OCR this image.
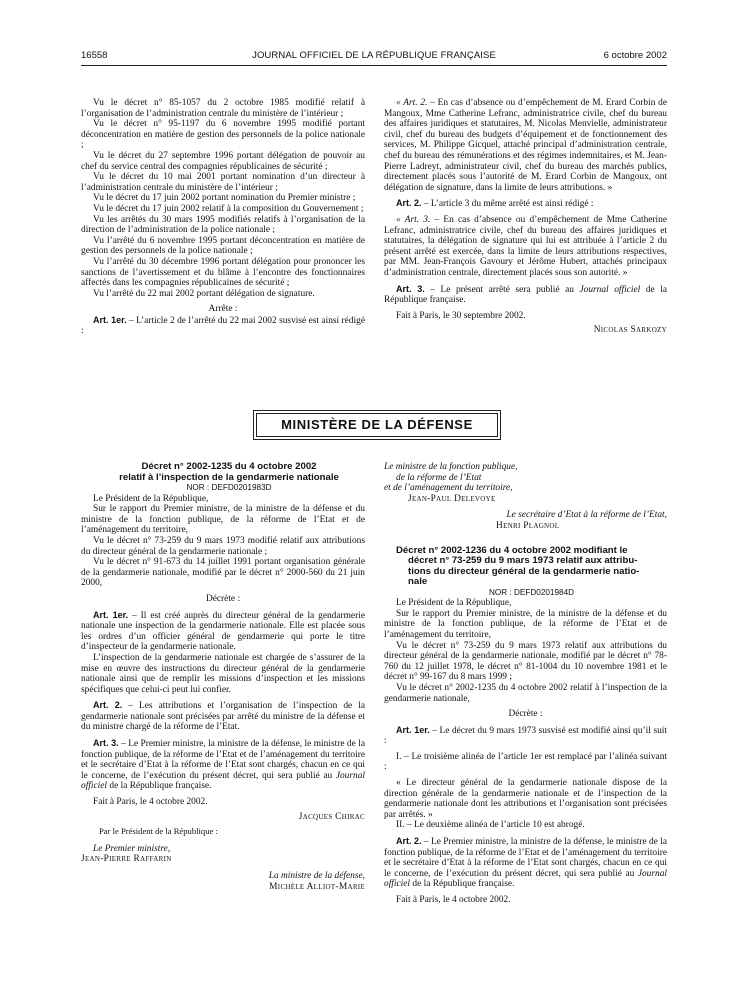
16558	JOURNAL OFFICIEL DE LA RÉPUBLIQUE FRANÇAISE	6 octobre 2002

Vu le décret n° 85-1057 du 2 octobre 1985 modifié relatif à l’organisation de l’administration centrale du ministère de l’intérieur ;

Vu le décret n° 95-1197 du 6 novembre 1995 modifié portant déconcentration en matière de gestion des personnels de la police nationale ;

Vu le décret du 27 septembre 1996 portant délégation de pouvoir au chef du service central des compagnies républicaines de sécurité ;

Vu le décret du 10 mai 2001 portant nomination d’un directeur à l’administration centrale du ministère de l’intérieur ;

Vu le décret du 17 juin 2002 portant nomination du Premier ministre ;

Vu le décret du 17 juin 2002 relatif à la composition du Gouvernement ;

Vu les arrêtés du 30 mars 1995 modifiés relatifs à l’organisation de la direction de l’administration de la police nationale ;

Vu l’arrêté du 6 novembre 1995 portant déconcentration en matière de gestion des personnels de la police nationale ;

Vu l’arrêté du 30 décembre 1996 portant délégation pour prononcer les sanctions de l’avertissement et du blâme à l’encontre des fonctionnaires affectés dans les compagnies républicaines de sécurité ;

Vu l’arrêté du 22 mai 2002 portant délégation de signature.

Arrête :

Art. 1er. – L’article 2 de l’arrêté du 22 mai 2002 susvisé est ainsi rédigé :

« Art. 2. – En cas d’absence ou d’empêchement de M. Erard Corbin de Mangoux, Mme Catherine Lefranc, administratrice civile, chef du bureau des affaires juridiques et statutaires, M. Nicolas Menvielle, administrateur civil, chef du bureau des budgets d’équipement et de fonctionnement des services, M. Philippe Gicquel, attaché principal d’administration centrale, chef du bureau des rémunérations et des régimes indemnitaires, et M. Jean-Pierre Ladreyt, administrateur civil, chef du bureau des marchés publics, directement placés sous l’autorité de M. Erard Corbin de Mangoux, ont délégation de signature, dans la limite de leurs attributions. »

Art. 2. – L’article 3 du même arrêté est ainsi rédigé :

« Art. 3. – En cas d’absence ou d’empêchement de Mme Catherine Lefranc, administratrice civile, chef du bureau des affaires juridiques et statutaires, la délégation de signature qui lui est attribuée à l’article 2 du présent arrêté est exercée, dans la limite de leurs attributions respectives, par MM. Jean-François Gavoury et Jérôme Hubert, attachés principaux d’administration centrale, directement placés sous son autorité. »

Art. 3. – Le présent arrêté sera publié au Journal officiel de la République française.

Fait à Paris, le 30 septembre 2002.

Nicolas Sarkozy

MINISTÈRE DE LA DÉFENSE

Décret n° 2002-1235 du 4 octobre 2002

relatif à l’inspection de la gendarmerie nationale

NOR : DEFD0201983D

Le Président de la République,

Sur le rapport du Premier ministre, de la ministre de la défense et du ministre de la fonction publique, de la réforme de l’Etat et de l’aménagement du territoire,

Vu le décret n° 73-259 du 9 mars 1973 modifié relatif aux attributions du directeur général de la gendarmerie nationale ;

Vu le décret n° 91-673 du 14 juillet 1991 portant organisation générale de la gendarmerie nationale, modifié par le décret n° 2000-560 du 21 juin 2000,

Décrète :

Art. 1er. – Il est créé auprès du directeur général de la gendarmerie nationale une inspection de la gendarmerie nationale. Elle est placée sous les ordres d’un officier général de gendarmerie qui porte le titre d’inspecteur de la gendarmerie nationale.

L’inspection de la gendarmerie nationale est chargée de s’assurer de la mise en œuvre des instructions du directeur général de la gendarmerie nationale ainsi que de remplir les missions d’inspection et les missions spécifiques que celui-ci peut lui confier.

Art. 2. – Les attributions et l’organisation de l’inspection de la gendarmerie nationale sont précisées par arrêté du ministre de la défense et du ministre chargé de la réforme de l’Etat.

Art. 3. – Le Premier ministre, la ministre de la défense, le ministre de la fonction publique, de la réforme de l’Etat et de l’aménagement du territoire et le secrétaire d’Etat à la réforme de l’Etat sont chargés, chacun en ce qui le concerne, de l’exécution du présent décret, qui sera publié au Journal officiel de la République française.

Fait à Paris, le 4 octobre 2002.

Jacques Chirac

Par le Président de la République :

Le Premier ministre,

Jean-Pierre Raffarin

La ministre de la défense,

Michèle Alliot-Marie

Le ministre de la fonction publique,

de la réforme de l’Etat

et de l’aménagement du territoire,

Jean-Paul Delevoye

Le secrétaire d’Etat à la réforme de l’Etat,

Henri Plagnol

Décret n° 2002-1236 du 4 octobre 2002 modifiant le

décret n° 73-259 du 9 mars 1973 relatif aux attribu-

tions du directeur général de la gendarmerie natio-

nale

NOR : DEFD0201984D

Le Président de la République,

Sur le rapport du Premier ministre, de la ministre de la défense et du ministre de la fonction publique, de la réforme de l’Etat et de l’aménagement du territoire,

Vu le décret n° 73-259 du 9 mars 1973 relatif aux attributions du directeur général de la gendarmerie nationale, modifié par le décret n° 78-760 du 12 juillet 1978, le décret n° 81-1004 du 10 novembre 1981 et le décret n° 99-167 du 8 mars 1999 ;

Vu le décret n° 2002-1235 du 4 octobre 2002 relatif à l’inspection de la gendarmerie nationale,

Décrète :

Art. 1er. – Le décret du 9 mars 1973 susvisé est modifié ainsi qu’il suit :

I. – Le troisième alinéa de l’article 1er est remplacé par l’alinéa suivant :

« Le directeur général de la gendarmerie nationale dispose de la direction générale de la gendarmerie nationale et de l’inspection de la gendarmerie nationale dont les attributions et l’organisation sont précisées par arrêtés. »

II. – Le deuxième alinéa de l’article 10 est abrogé.

Art. 2. – Le Premier ministre, la ministre de la défense, le ministre de la fonction publique, de la réforme de l’Etat et de l’aménagement du territoire et le secrétaire d’Etat à la réforme de l’Etat sont chargés, chacun en ce qui le concerne, de l’exécution du présent décret, qui sera publié au Journal officiel de la République française.

Fait à Paris, le 4 octobre 2002.
